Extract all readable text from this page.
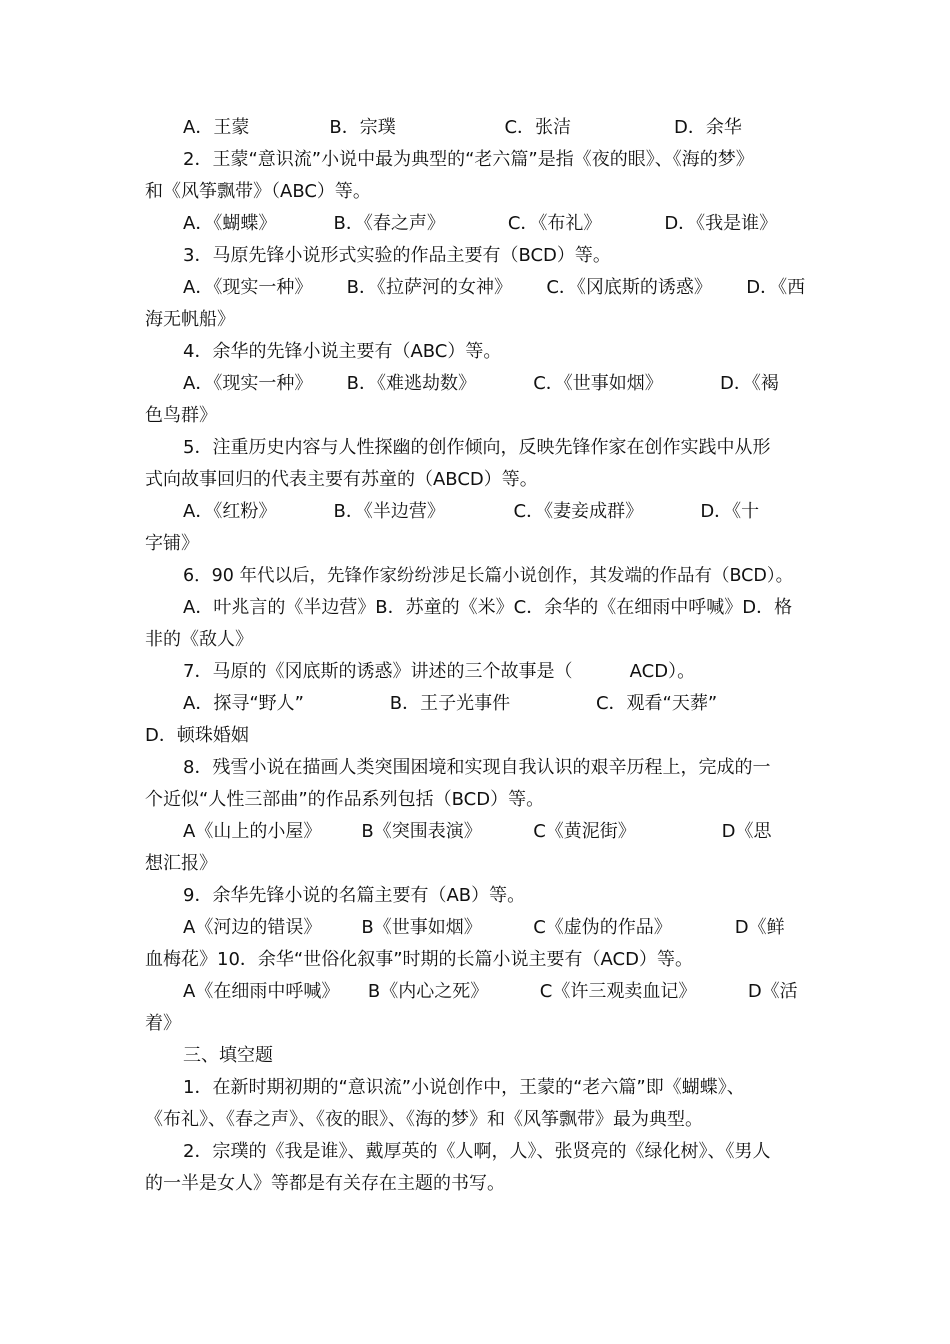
A．王蒙              B．宗璞                   C．张洁                  D．余华
2．王蒙“意识流”小说中最为典型的“老六篇”是指《夜的眼》、《海的梦》
和《风筝飘带》（ABC）等。
A．《蝴蝶》          B．《春之声》           C．《布礼》           D．《我是谁》
3．马原先锋小说形式实验的作品主要有（BCD）等。
A．《现实一种》      B．《拉萨河的女神》      C．《冈底斯的诱惑》      D．《西
海无帆船》
4．余华的先锋小说主要有（ABC）等。
A．《现实一种》      B．《难逃劫数》          C．《世事如烟》          D．《褐
色鸟群》
5．注重历史内容与人性探幽的创作倾向，反映先锋作家在创作实践中从形
式向故事回归的代表主要有苏童的（ABCD）等。
A．《红粉》          B．《半边营》            C．《妻妾成群》          D．《十
字铺》
6．90 年代以后，先锋作家纷纷涉足长篇小说创作，其发端的作品有（BCD）。
A．叶兆言的《半边营》B．苏童的《米》C．余华的《在细雨中呼喊》D．格
非的《敌人》
7．马原的《冈底斯的诱惑》讲述的三个故事是（          ACD）。
A．探寻“野人”               B．王子光事件               C．观看“天葬”
D．顿珠婚姻
8．残雪小说在描画人类突围困境和实现自我认识的艰辛历程上，完成的一
个近似“人性三部曲”的作品系列包括（BCD）等。
A《山上的小屋》       B《突围表演》         C《黄泥街》               D《思
想汇报》
9．余华先锋小说的名篇主要有（AB）等。
A《河边的错误》       B《世事如烟》         C《虚伪的作品》           D《鲜
血梅花》10．余华“世俗化叙事”时期的长篇小说主要有（ACD）等。
A《在细雨中呼喊》     B《内心之死》         C《许三观卖血记》         D《活
着》
三、填空题
1．在新时期初期的“意识流”小说创作中，王蒙的“老六篇”即《蝴蝶》、
《布礼》、《春之声》、《夜的眼》、《海的梦》和《风筝飘带》最为典型。
2．宗璞的《我是谁》、戴厚英的《人啊，人》、张贤亮的《绿化树》、《男人
的一半是女人》等都是有关存在主题的书写。
